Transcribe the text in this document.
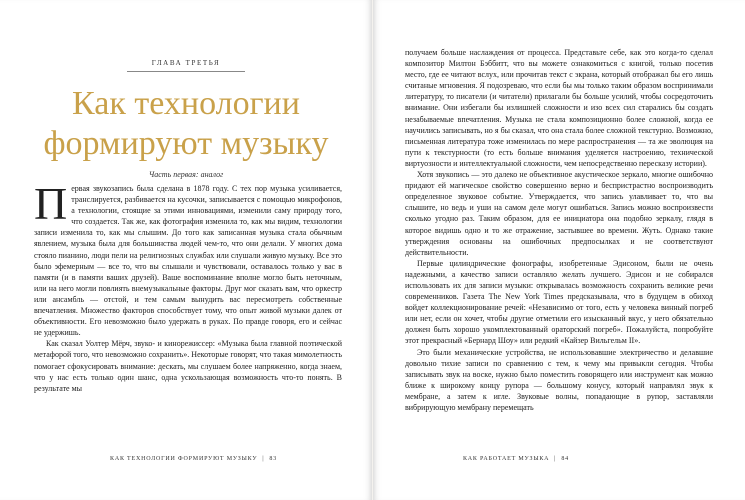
ГЛАВА ТРЕТЬЯ
Как технологии
формируют музыку
Часть первая: аналог

Первая звукозапись была сделана в 1878 году. С тех пор музыка усиливается, транслируется, разбивается на кусочки, записывается с помощью микрофонов, а технологии, стоящие за этими инновациями, изменили саму природу того, что создается. Так же, как фотография изменила то, как мы видим, технологии записи изменила то, как мы слышим. До того как записанная музыка стала обычным явлением, музыка была для большинства людей чем-то, что они делали. У многих дома стояло пианино, люди пели на религиозных службах или слушали живую музыку. Все это было эфемерным — все то, что вы слышали и чувствовали, оставалось только у вас в памяти (и в памяти ваших друзей). Ваше воспоминание вполне могло быть неточным, или на него могли повлиять внемузыкальные факторы. Друг мог сказать вам, что оркестр или ансамбль — отстой, и тем самым вынудить вас пересмотреть собственные впечатления. Множество факторов способствует тому, что опыт живой музыки далек от объективности. Его невозможно было удержать в руках. По правде говоря, его и сейчас не удержишь.

Как сказал Уолтер Мёрч, звуко- и кинорежиссер: «Музыка была главной поэтической метафорой того, что невозможно сохранить». Некоторые говорят, что такая мимолетность помогает сфокусировать внимание: дескать, мы слушаем более напряженно, когда знаем, что у нас есть только один шанс, одна ускользающая возможность что-то понять. В результате мы

КАК ТЕХНОЛОГИИ ФОРМИРУЮТ МУЗЫКУ | 83

получаем больше наслаждения от процесса. Представьте себе, как это когда-то сделал композитор Милтон Бэббитт, что вы можете ознакомиться с книгой, только посетив место, где ее читают вслух, или прочитав текст с экрана, который отображал бы его лишь считаные мгновения. Я подозреваю, что если бы мы только таким образом воспринимали литературу, то писатели (и читатели) прилагали бы больше усилий, чтобы сосредоточить внимание. Они избегали бы излишней сложности и изо всех сил старались бы создать незабываемые впечатления. Музыка не стала композиционно более сложной, когда ее научились записывать, но я бы сказал, что она стала более сложной текстурно. Возможно, письменная литература тоже изменилась по мере распространения — та же эволюция на пути к текстурности (то есть больше внимания уделяется настроению, технической виртуозности и интеллектуальной сложности, чем непосредственно пересказу истории).

Хотя звукопись — это далеко не объективное акустическое зеркало, многие ошибочно придают ей магическое свойство совершенно верно и беспристрастно воспроизводить определенное звуковое событие. Утверждается, что запись улавливает то, что вы слышите, но ведь и уши на самом деле могут ошибаться. Запись можно воспроизвести сколько угодно раз. Таким образом, для ее инициатора она подобно зеркалу, глядя в которое видишь одно и то же отражение, застывшее во времени. Жуть. Однако такие утверждения основаны на ошибочных предпосылках и не соответствуют действительности.

Первые цилиндрические фонографы, изобретенные Эдисоном, были не очень надежными, а качество записи оставляло желать лучшего. Эдисон и не собирался использовать их для записи музыки: открывалась возможность сохранить великие речи современников. Газета The New York Times предсказывала, что в будущем в обиход войдет коллекционирование речей: «Независимо от того, есть у человека винный погреб или нет, если он хочет, чтобы другие отметили его изысканный вкус, у него обязательно должен быть хорошо укомплектованный ораторский погреб». Пожалуйста, попробуйте этот прекрасный «Бернард Шоу» или редкий «Кайзер Вильгельм II».

Это были механические устройства, не использовавшие электричество и делавшие довольно тихие записи по сравнению с тем, к чему мы привыкли сегодня. Чтобы записывать звук на воске, нужно было поместить говорящего или инструмент как можно ближе к широкому концу рупора — большому конусу, который направлял звук к мембране, а затем к игле. Звуковые волны, попадающие в рупор, заставляли вибрирующую мембрану перемещать

КАК РАБОТАЕТ МУЗЫКА | 84
